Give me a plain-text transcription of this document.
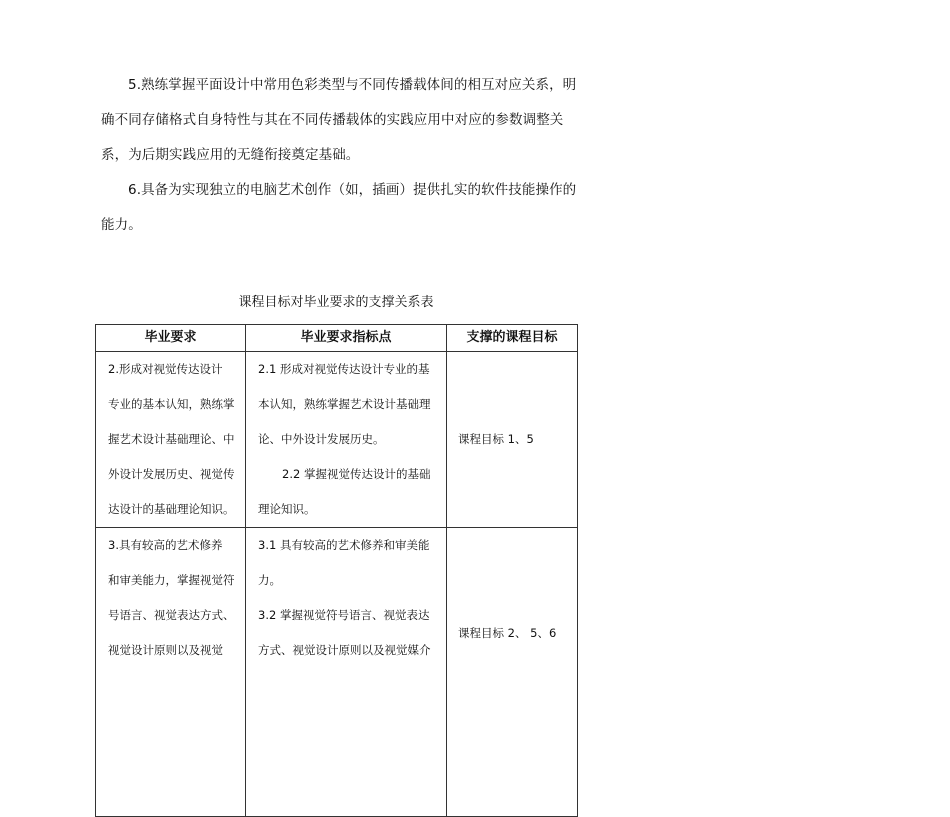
5.熟练掌握平面设计中常用色彩类型与不同传播载体间的相互对应关系，明
确不同存储格式自身特性与其在不同传播载体的实践应用中对应的参数调整关
系，为后期实践应用的无缝衔接奠定基础。

6.具备为实现独立的电脑艺术创作（如，插画）提供扎实的软件技能操作的
能力。

课程目标对毕业要求的支撑关系表
毕业要求	毕业要求指标点	支撑的课程目标

2.形成对视觉传达设计
专业的基本认知，熟练掌
握艺术设计基础理论、中
外设计发展历史、视觉传
达设计的基础理论知识。	2.1 形成对视觉传达设计专业的基
本认知，熟练掌握艺术设计基础理
论、中外设计发展历史。
2.2 掌握视觉传达设计的基础
理论知识。	课程目标 1、5

3.具有较高的艺术修养
和审美能力，掌握视觉符
号语言、视觉表达方式、
视觉设计原则以及视觉	3.1 具有较高的艺术修养和审美能
力。
3.2 掌握视觉符号语言、视觉表达
方式、视觉设计原则以及视觉媒介	课程目标 2、 5、6
